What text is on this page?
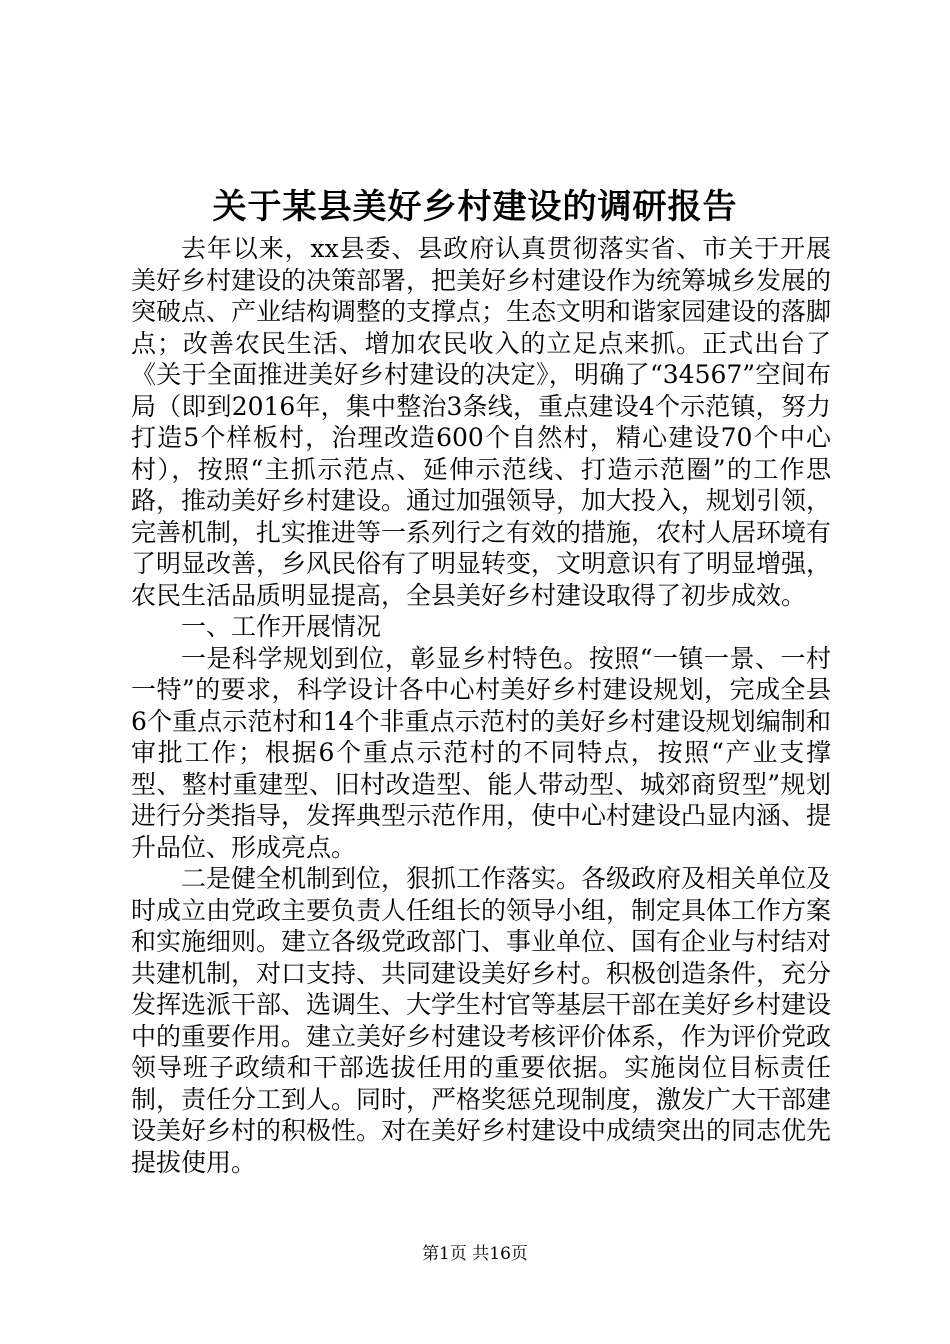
关于某县美好乡村建设的调研报告

去年以来，xx县委、县政府认真贯彻落实省、市关于开展美好乡村建设的决策部署，把美好乡村建设作为统筹城乡发展的突破点、产业结构调整的支撑点；生态文明和谐家园建设的落脚点；改善农民生活、增加农民收入的立足点来抓。正式出台了《关于全面推进美好乡村建设的决定》，明确了“34567”空间布局（即到2016年，集中整治3条线，重点建设4个示范镇，努力打造5个样板村，治理改造600个自然村，精心建设70个中心村），按照“主抓示范点、延伸示范线、打造示范圈”的工作思路，推动美好乡村建设。通过加强领导，加大投入，规划引领，完善机制，扎实推进等一系列行之有效的措施，农村人居环境有了明显改善，乡风民俗有了明显转变，文明意识有了明显增强，农民生活品质明显提高，全县美好乡村建设取得了初步成效。

一、工作开展情况

一是科学规划到位，彰显乡村特色。按照“一镇一景、一村一特”的要求，科学设计各中心村美好乡村建设规划，完成全县6个重点示范村和14个非重点示范村的美好乡村建设规划编制和审批工作；根据6个重点示范村的不同特点，按照“产业支撑型、整村重建型、旧村改造型、能人带动型、城郊商贸型”规划进行分类指导，发挥典型示范作用，使中心村建设凸显内涵、提升品位、形成亮点。

二是健全机制到位，狠抓工作落实。各级政府及相关单位及时成立由党政主要负责人任组长的领导小组，制定具体工作方案和实施细则。建立各级党政部门、事业单位、国有企业与村结对共建机制，对口支持、共同建设美好乡村。积极创造条件，充分发挥选派干部、选调生、大学生村官等基层干部在美好乡村建设中的重要作用。建立美好乡村建设考核评价体系，作为评价党政领导班子政绩和干部选拔任用的重要依据。实施岗位目标责任制，责任分工到人。同时，严格奖惩兑现制度，激发广大干部建设美好乡村的积极性。对在美好乡村建设中成绩突出的同志优先提拔使用。

第1页 共16页
